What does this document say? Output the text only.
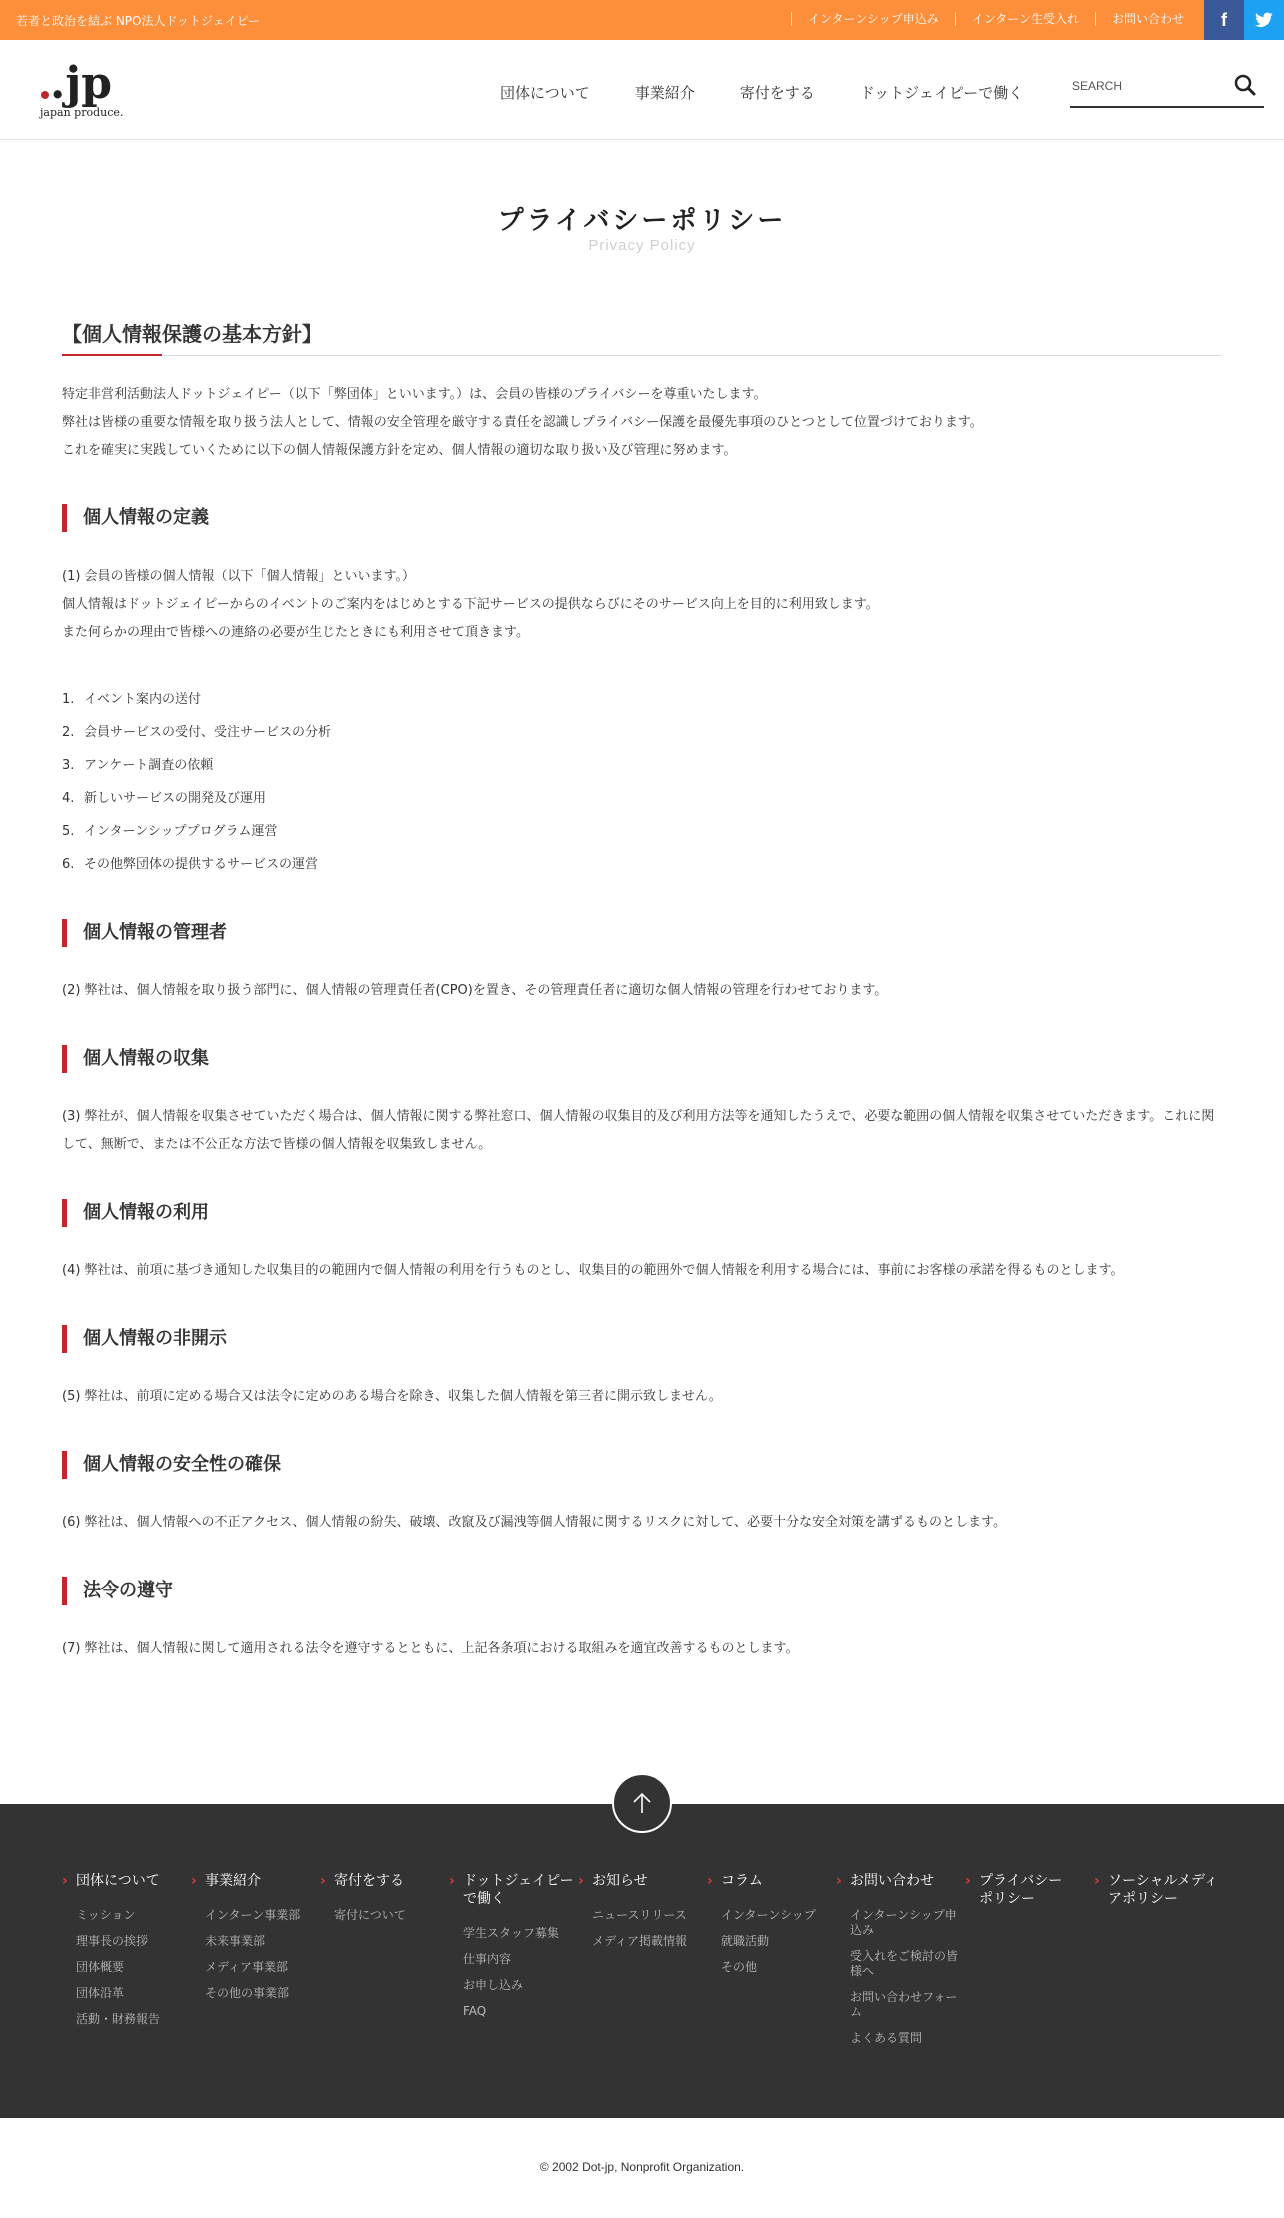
若者と政治を結ぶ NPO法人ドットジェイピー	インターンシップ申込み	インターン生受入れ	お問い合わせ	f
.jp
japan produce.
団体について	事業紹介	寄付をする	ドットジェイピーで働く
SEARCH
プライバシーポリシー
Privacy Policy
【個人情報保護の基本方針】
特定非営利活動法人ドットジェイピー（以下「弊団体」といいます。）は、会員の皆様のプライバシーを尊重いたします。
弊社は皆様の重要な情報を取り扱う法人として、情報の安全管理を厳守する責任を認識しプライバシー保護を最優先事項のひとつとして位置づけております。
これを確実に実践していくために以下の個人情報保護方針を定め、個人情報の適切な取り扱い及び管理に努めます。
個人情報の定義
(1) 会員の皆様の個人情報（以下「個人情報」といいます。）
個人情報はドットジェイピーからのイベントのご案内をはじめとする下記サービスの提供ならびにそのサービス向上を目的に利用致します。
また何らかの理由で皆様への連絡の必要が生じたときにも利用させて頂きます。
1. イベント案内の送付
2. 会員サービスの受付、受注サービスの分析
3. アンケート調査の依頼
4. 新しいサービスの開発及び運用
5. インターンシッププログラム運営
6. その他弊団体の提供するサービスの運営
個人情報の管理者
(2) 弊社は、個人情報を取り扱う部門に、個人情報の管理責任者(CPO)を置き、その管理責任者に適切な個人情報の管理を行わせております。
個人情報の収集
(3) 弊社が、個人情報を収集させていただく場合は、個人情報に関する弊社窓口、個人情報の収集目的及び利用方法等を通知したうえで、必要な範囲の個人情報を収集させていただきます。これに関して、無断で、または不公正な方法で皆様の個人情報を収集致しません。
個人情報の利用
(4) 弊社は、前項に基づき通知した収集目的の範囲内で個人情報の利用を行うものとし、収集目的の範囲外で個人情報を利用する場合には、事前にお客様の承諾を得るものとします。
個人情報の非開示
(5) 弊社は、前項に定める場合又は法令に定めのある場合を除き、収集した個人情報を第三者に開示致しません。
個人情報の安全性の確保
(6) 弊社は、個人情報への不正アクセス、個人情報の紛失、破壊、改竄及び漏洩等個人情報に関するリスクに対して、必要十分な安全対策を講ずるものとします。
法令の遵守
(7) 弊社は、個人情報に関して適用される法令を遵守するとともに、上記各条項における取組みを適宜改善するものとします。
› 団体について
ミッション
理事長の挨拶
団体概要
団体沿革
活動・財務報告
› 事業紹介
インターン事業部
未来事業部
メディア事業部
その他の事業部
› 寄付をする
寄付について
› ドットジェイピーで働く
学生スタッフ募集
仕事内容
お申し込み
FAQ
› お知らせ
ニュースリリース
メディア掲載情報
› コラム
インターンシップ
就職活動
その他
› お問い合わせ
インターンシップ申込み
受入れをご検討の皆様へ
お問い合わせフォーム
よくある質問
› プライバシーポリシー
› ソーシャルメディアポリシー
© 2002 Dot-jp, Nonprofit Organization.
